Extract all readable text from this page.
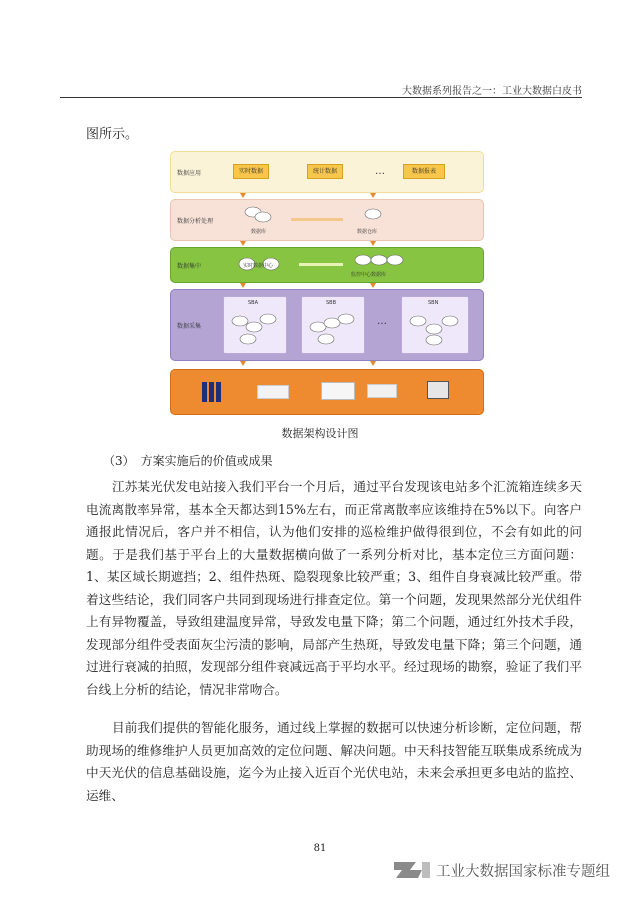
大数据系列报告之一：工业大数据白皮书
图所示。
数据应用	实时数据	统计数据	…	数据报表
数据分析处理
数据库	数据仓库
数据集中	实时数据中心
监控中心数据库
数据采集
SBA	SBB
…
SBN
数据架构设计图
（3）　方案实施后的价值或成果
江苏某光伏发电站接入我们平台一个月后，通过平台发现该电站多个汇流箱连续多天电流离散率异常，基本全天都达到15%左右，而正常离散率应该维持在5%以下。向客户通报此情况后，客户并不相信，认为他们安排的巡检维护做得很到位，不会有如此的问题。于是我们基于平台上的大量数据横向做了一系列分析对比，基本定位三方面问题：1、某区域长期遮挡；2、组件热斑、隐裂现象比较严重；3、组件自身衰减比较严重。带着这些结论，我们同客户共同到现场进行排查定位。第一个问题，发现果然部分光伏组件上有异物覆盖，导致组建温度异常，导致发电量下降；第二个问题，通过红外技术手段，发现部分组件受表面灰尘污渍的影响，局部产生热斑，导致发电量下降；第三个问题，通过进行衰减的拍照，发现部分组件衰减远高于平均水平。经过现场的勘察，验证了我们平台线上分析的结论，情况非常吻合。
目前我们提供的智能化服务，通过线上掌握的数据可以快速分析诊断，定位问题，帮助现场的维修维护人员更加高效的定位问题、解决问题。中天科技智能互联集成系统成为中天光伏的信息基础设施，迄今为止接入近百个光伏电站，未来会承担更多电站的监控、运维、
81
工业大数据国家标准专题组
